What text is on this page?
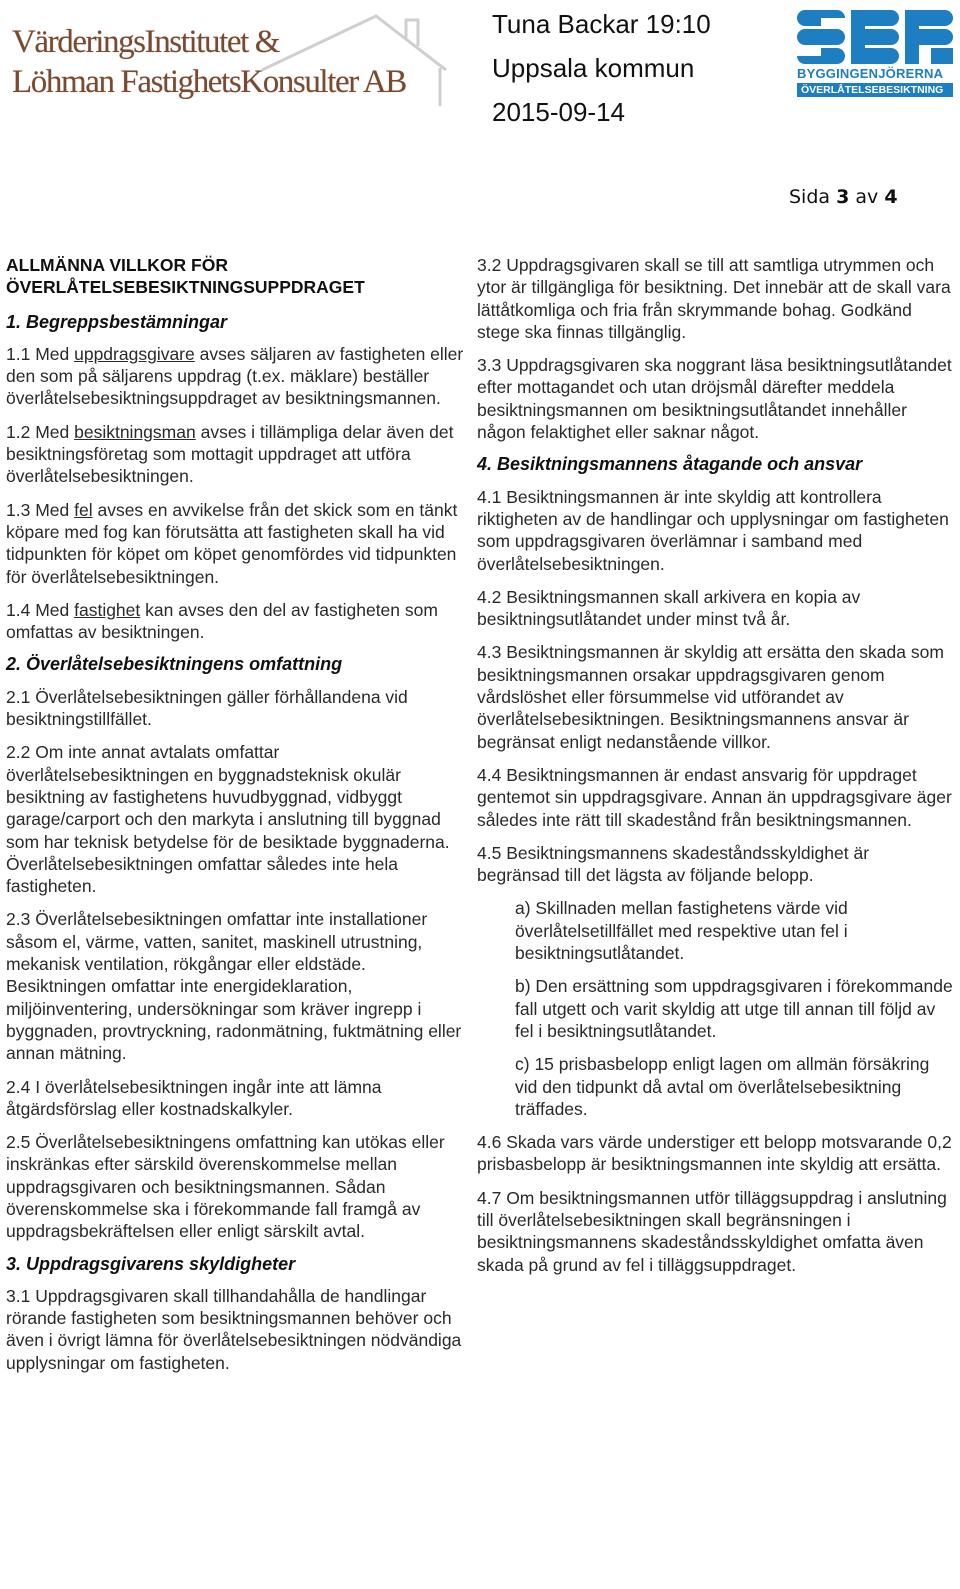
VärderingsInstitutet &
Löhman FastighetsKonsulter AB
Tuna Backar 19:10
Uppsala kommun
2015-09-14
BYGGINGENJÖRERNA
ÖVERLÅTELSEBESIKTNING
Sida 3 av 4
ALLMÄNNA VILLKOR FÖR
ÖVERLÅTELSEBESIKTNINGSUPPDRAGET
1. Begreppsbestämningar

1.1 Med uppdragsgivare avses säljaren av fastigheten eller den som på säljarens uppdrag (t.ex. mäklare) beställer överlåtelsebesiktningsuppdraget av besiktningsmannen.

1.2 Med besiktningsman avses i tillämpliga delar även det besiktningsföretag som mottagit uppdraget att utföra överlåtelsebesiktningen.

1.3 Med fel avses en avvikelse från det skick som en tänkt köpare med fog kan förutsätta att fastigheten skall ha vid tidpunkten för köpet om köpet genomfördes vid tidpunkten för överlåtelsebesiktningen.

1.4 Med fastighet kan avses den del av fastigheten som omfattas av besiktningen.

2. Överlåtelsebesiktningens omfattning

2.1 Överlåtelsebesiktningen gäller förhållandena vid besiktningstillfället.

2.2 Om inte annat avtalats omfattar överlåtelsebesiktningen en byggnadsteknisk okulär besiktning av fastighetens huvudbyggnad, vidbyggt garage/carport och den markyta i anslutning till byggnad som har teknisk betydelse för de besiktade byggnaderna. Överlåtelsebesiktningen omfattar således inte hela fastigheten.

2.3 Överlåtelsebesiktningen omfattar inte installationer såsom el, värme, vatten, sanitet, maskinell utrustning, mekanisk ventilation, rökgångar eller eldstäde. Besiktningen omfattar inte energideklaration, miljöinventering, undersökningar som kräver ingrepp i byggnaden, provtryckning, radonmätning, fuktmätning eller annan mätning.

2.4 I överlåtelsebesiktningen ingår inte att lämna åtgärdsförslag eller kostnadskalkyler.

2.5 Överlåtelsebesiktningens omfattning kan utökas eller inskränkas efter särskild överenskommelse mellan uppdragsgivaren och besiktningsmannen. Sådan överenskommelse ska i förekommande fall framgå av uppdragsbekräftelsen eller enligt särskilt avtal.

3. Uppdragsgivarens skyldigheter

3.1 Uppdragsgivaren skall tillhandahålla de handlingar rörande fastigheten som besiktningsmannen behöver och även i övrigt lämna för överlåtelsebesiktningen nödvändiga upplysningar om fastigheten.

3.2 Uppdragsgivaren skall se till att samtliga utrymmen och ytor är tillgängliga för besiktning. Det innebär att de skall vara lättåtkomliga och fria från skrymmande bohag. Godkänd stege ska finnas tillgänglig.

3.3 Uppdragsgivaren ska noggrant läsa besiktningsutlåtandet efter mottagandet och utan dröjsmål därefter meddela besiktningsmannen om besiktningsutlåtandet innehåller någon felaktighet eller saknar något.

4. Besiktningsmannens åtagande och ansvar

4.1 Besiktningsmannen är inte skyldig att kontrollera riktigheten av de handlingar och upplysningar om fastigheten som uppdragsgivaren överlämnar i samband med överlåtelsebesiktningen.

4.2 Besiktningsmannen skall arkivera en kopia av besiktningsutlåtandet under minst två år.

4.3 Besiktningsmannen är skyldig att ersätta den skada som besiktningsmannen orsakar uppdragsgivaren genom vårdslöshet eller försummelse vid utförandet av överlåtelsebesiktningen. Besiktningsmannens ansvar är begränsat enligt nedanstående villkor.

4.4 Besiktningsmannen är endast ansvarig för uppdraget gentemot sin uppdragsgivare. Annan än uppdragsgivare äger således inte rätt till skadestånd från besiktningsmannen.

4.5 Besiktningsmannens skadeståndsskyldighet är begränsad till det lägsta av följande belopp.

a) Skillnaden mellan fastighetens värde vid överlåtelsetillfället med respektive utan fel i besiktningsutlåtandet.

b) Den ersättning som uppdragsgivaren i förekommande fall utgett och varit skyldig att utge till annan till följd av fel i besiktningsutlåtandet.

c) 15 prisbasbelopp enligt lagen om allmän försäkring vid den tidpunkt då avtal om överlåtelsebesiktning träffades.

4.6 Skada vars värde understiger ett belopp motsvarande 0,2 prisbasbelopp är besiktningsmannen inte skyldig att ersätta.

4.7 Om besiktningsmannen utför tilläggsuppdrag i anslutning till överlåtelsebesiktningen skall begränsningen i besiktningsmannens skadeståndsskyldighet omfatta även skada på grund av fel i tilläggsuppdraget.
